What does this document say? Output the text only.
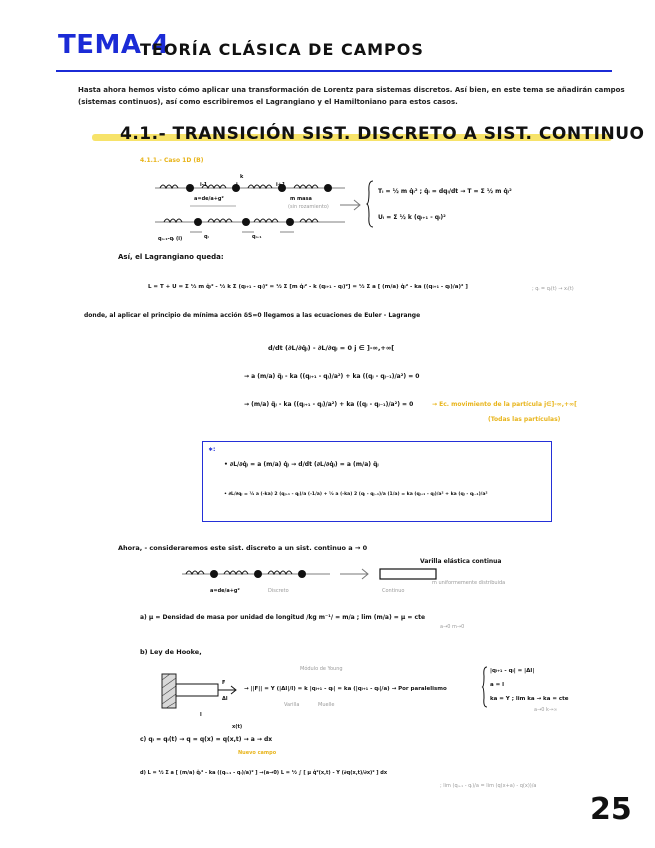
TEMA 4
TEORÍA CLÁSICA DE CAMPOS
Hasta ahora hemos visto cómo aplicar una transformación de Lorentz para sistemas discretos. Así bien, en este tema se añadirán campos
(sistemas continuos), así como escribiremos el Lagrangiano y el Hamiltoniano para estos casos.
4.1.- TRANSICIÓN SIST. DISCRETO A SIST. CONTINUO
4.1.1.- Caso 1D (B)
a=de/a+g²
k
m masa
(sin rozamiento)
qᵢ₊₁-qᵢ (i)	qᵢ	qᵢ₊₁
i-1	i	i+1
Tᵢ = ½ m q̇ᵢ² ; q̇ᵢ = dqᵢ/dt → T = Σ ½ m q̇ᵢ²
Uᵢ = Σ ½ k (qᵢ₊₁ - qᵢ)²
Así, el Lagrangiano queda:
L = T + U = Σ ½ m q̇ᵢ² - ½ k Σ (qᵢ₊₁ - qᵢ)² = ½ Σ [m q̇ᵢ² - k (qᵢ₊₁ - qᵢ)²] = ½ Σ a [ (m/a) q̇ᵢ² - ka ((qᵢ₊₁ - qᵢ)/a)² ]	; qᵢ = qᵢ(t) → xᵢ(t)
donde, al aplicar el principio de mínima acción δS=0 llegamos a las ecuaciones de Euler - Lagrange
d/dt (∂L/∂q̇ⱼ) - ∂L/∂qⱼ = 0 j ∈ ]-∞,+∞[
→ a (m/a) q̈ⱼ - ka ((qⱼ₊₁ - qⱼ)/a²) + ka ((qⱼ - qⱼ₋₁)/a²) = 0
→ (m/a) q̈ⱼ - ka ((qⱼ₊₁ - qⱼ)/a²) + ka ((qⱼ - qⱼ₋₁)/a²) = 0	→ Ec. movimiento de la partícula j∈]-∞,+∞[
(Todas las partículas)
∗:
• ∂L/∂q̇ⱼ = a (m/a) q̇ⱼ → d/dt (∂L/∂q̇ⱼ) = a (m/a) q̈ⱼ
• ∂L/∂qⱼ = ½ a (-ka) 2 (qⱼ₊₁ - qⱼ)/a (-1/a) + ½ a (-ka) 2 (qⱼ - qⱼ₋₁)/a (1/a) = ka (qⱼ₊₁ - qⱼ)/a² + ka (qⱼ - qⱼ₋₁)/a²
Ahora, - consideraremos este sist. discreto a un sist. continuo a → 0
Varilla elástica continua
m uniformemente distribuida
a=de/a+g²	Discreto	Continuo
a) μ = Densidad de masa por unidad de longitud /kg m⁻¹/ = m/a ; lim (m/a) = μ = cte
a→0 m→0
b) Ley de Hooke,
F
Δl
l
Módulo de Young
→ ||F|| = Y (|Δl|/l) = k |qᵢ₊₁ - qᵢ| = ka (|qᵢ₊₁ - qᵢ|/a) → Por paralelismo
Varilla	Muelle
|qᵢ₊₁ - qᵢ| = |Δl|
a = l
ka = Y ; lim ka → ka = cte
a→0 k→∞
x(t)
c) qᵢ = qᵢ(t) → q = q(x) = q(x,t) → a → dx
Nuevo campo
d) L = ½ Σ a [ (m/a) q̇ᵢ² - ka ((qᵢ₊₁ - qᵢ)/a)² ] →(a→0) L = ½ ∫ [ μ q̇²(x,t) - Y (∂q(x,t)/∂x)² ] dx
; lim (qᵢ₊₁ - qᵢ)/a = lim (q(x+a) - q(x))/a
25
